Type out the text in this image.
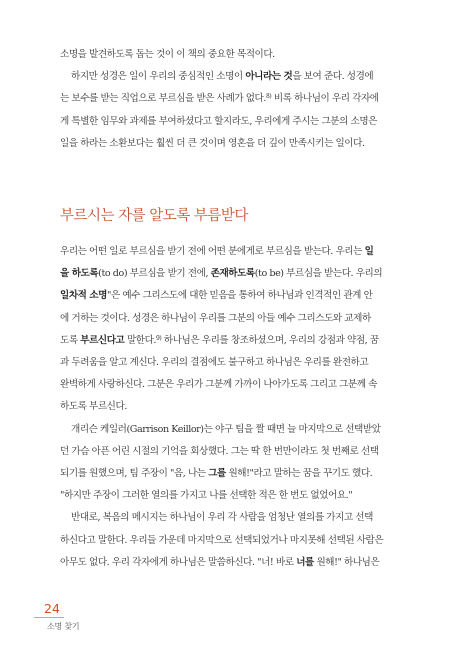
소명을 발견하도록 돕는 것이 이 책의 중요한 목적이다.

하지만 성경은 일이 우리의 중심적인 소명이 아니라는 것을 보여 준다. 성경에

는 보수를 받는 직업으로 부르심을 받은 사례가 없다.$^{8)}$ 비록 하나님이 우리 각자에

게 특별한 임무와 과제를 부여하셨다고 할지라도, 우리에게 주시는 그분의 소명은

일을 하라는 소환보다는 훨씬 더 큰 것이며 영혼을 더 깊이 만족시키는 일이다.

부르시는 자를 알도록 부름받다

우리는 어떤 일로 부르심을 받기 전에 어떤 분에게로 부르심을 받는다. 우리는 일

을 하도록(to do) 부르심을 받기 전에, 존재하도록(to be) 부르심을 받는다. 우리의

일차적 소명"은 예수 그리스도에 대한 믿음을 통하여 하나님과 인격적인 관계 안

에 거하는 것이다. 성경은 하나님이 우리를 그분의 아들 예수 그리스도와 교제하

도록 부르신다고 말한다.$^{9)}$ 하나님은 우리를 창조하셨으며, 우리의 강점과 약점, 꿈

과 두려움을 알고 계신다. 우리의 결점에도 불구하고 하나님은 우리를 완전하고

완벽하게 사랑하신다. 그분은 우리가 그분께 가까이 나아가도록 그리고 그분께 속

하도록 부르신다.

개리슨 케일러(Garrison Keillor)는 야구 팀을 짤 때면 늘 마지막으로 선택받았

던 가슴 아픈 어린 시절의 기억을 회상했다. 그는 딱 한 번만이라도 첫 번째로 선택

되기를 원했으며, 팀 주장이 "음, 나는 그를 원해!"라고 말하는 꿈을 꾸기도 했다.

"하지만 주장이 그러한 열의를 가지고 나를 선택한 적은 한 번도 없었어요."

반대로, 복음의 메시지는 하나님이 우리 각 사람을 엄청난 열의를 가지고 선택

하신다고 말한다. 우리들 가운데 마지막으로 선택되었거나 마지못해 선택된 사람은

아무도 없다. 우리 각자에게 하나님은 말씀하신다. "너! 바로 너를 원해!" 하나님은

24
소명 찾기
